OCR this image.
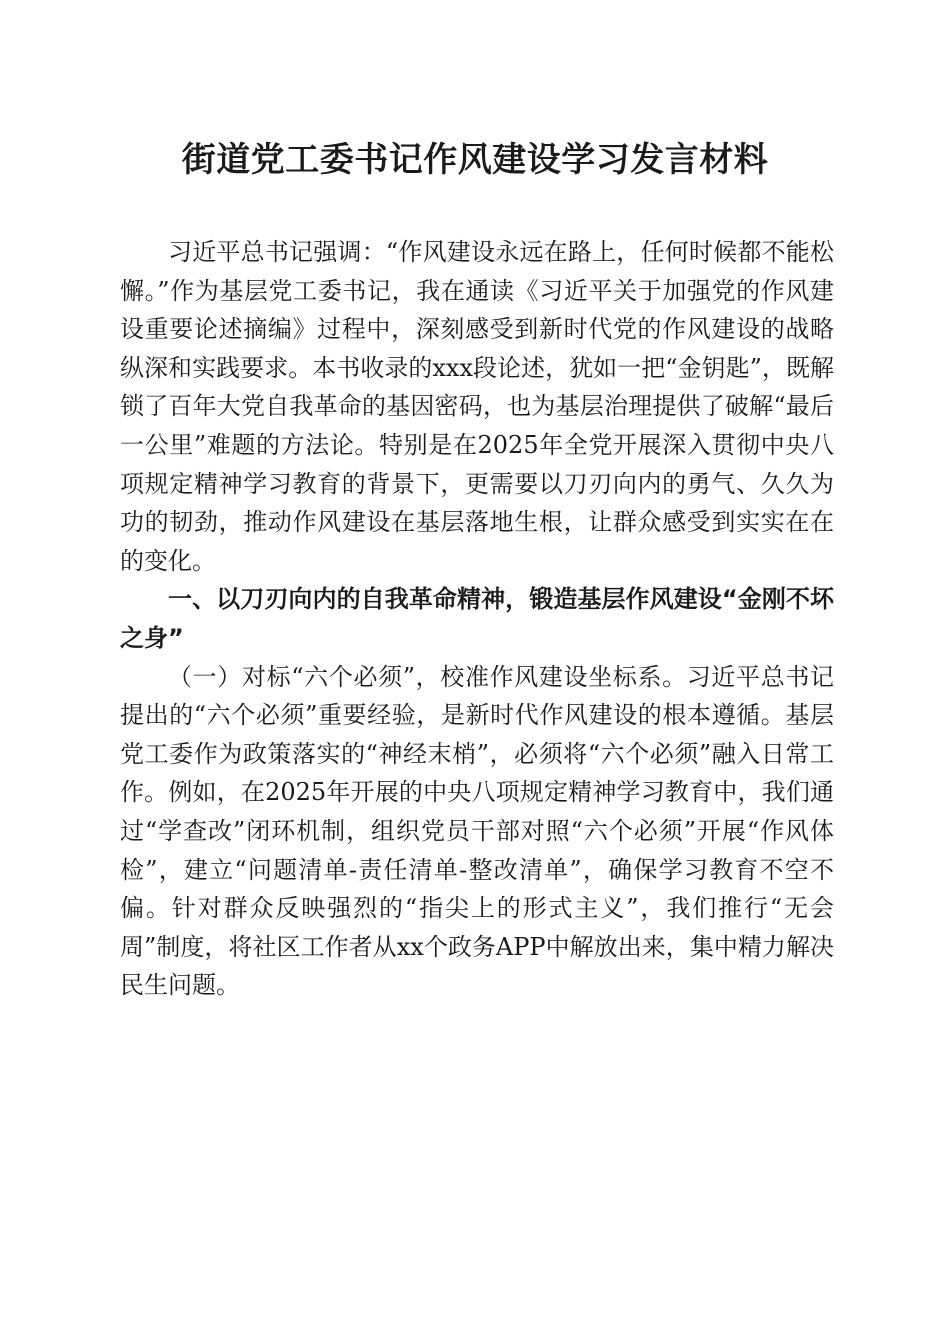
街道党工委书记作风建设学习发言材料

习近平总书记强调：“作风建设永远在路上，任何时候都不能松懈。”作为基层党工委书记，我在通读《习近平关于加强党的作风建设重要论述摘编》过程中，深刻感受到新时代党的作风建设的战略纵深和实践要求。本书收录的xxx段论述，犹如一把“金钥匙”，既解锁了百年大党自我革命的基因密码，也为基层治理提供了破解“最后一公里”难题的方法论。特别是在2025年全党开展深入贯彻中央八项规定精神学习教育的背景下，更需要以刀刃向内的勇气、久久为功的韧劲，推动作风建设在基层落地生根，让群众感受到实实在在的变化。

一、以刀刃向内的自我革命精神，锻造基层作风建设“金刚不坏之身”

（一）对标“六个必须”，校准作风建设坐标系。习近平总书记提出的“六个必须”重要经验，是新时代作风建设的根本遵循。基层党工委作为政策落实的“神经末梢”，必须将“六个必须”融入日常工作。例如，在2025年开展的中央八项规定精神学习教育中，我们通过“学查改”闭环机制，组织党员干部对照“六个必须”开展“作风体检”，建立“问题清单-责任清单-整改清单”，确保学习教育不空不偏。针对群众反映强烈的“指尖上的形式主义”，我们推行“无会周”制度，将社区工作者从xx个政务APP中解放出来，集中精力解决民生问题。
